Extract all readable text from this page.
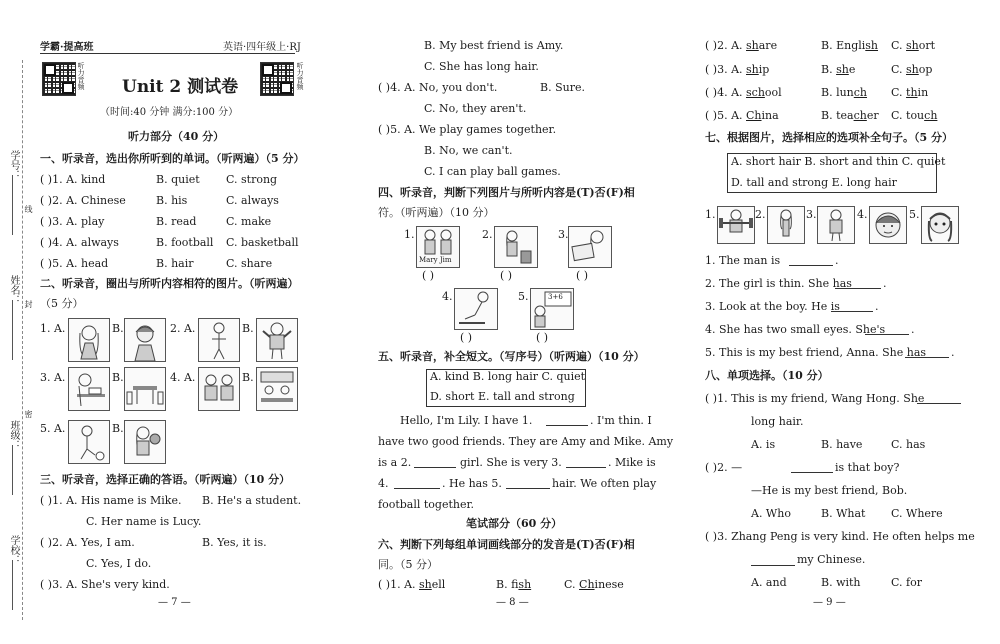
学号：
姓名：
班级：
学校：
线
封
密
学霸·提高班	英语·四年级上·RJ
听力音频	听力音频
Unit 2 测试卷
（时间:40 分钟 满分:100 分）
听力部分（40 分）
一、听录音，选出你所听到的单词。（听两遍）（5 分）
( )1. A. kind	B. quiet C. strong
( )2. A. Chinese	B. his	C. always
( )3. A. play	B. read	C. make
( )4. A. always	B. football C. basketball
( )5. A. head	B. hair	C. share
二、听录音，圈出与所听内容相符的图片。（听两遍）
（5 分）
1. A.	B.	2. A.	B.
3. A.	B.	4. A.	B.
5. A.	B.
三、听录音，选择正确的答语。（听两遍）（10 分）
( )1. A. His name is Mike. B. He's a student.
C. Her name is Lucy.
( )2. A. Yes, I am.	B. Yes, it is.
C. Yes, I do.
( )3. A. She's very kind.
— 7 —
B. My best friend is Amy.
C. She has long hair.
( )4. A. No, you don't.	B. Sure.
C. No, they aren't.
( )5. A. We play games together.
B. No, we can't.
C. I can play ball games.
四、听录音，判断下列图片与所听内容是(T)否(F)相
符。（听两遍）（10 分）
1.
Mary Jim
( )
2.
( )
3.
( )
4.
( )
5.	3+6
( )
五、听录音，补全短文。（写序号）（听两遍）（10 分）
A. kind B. long hair C. quiet
D. short E. tall and strong
Hello, I'm Lily. I have 1.	. I'm thin. I
have two good friends. They are Amy and Mike. Amy
is a 2.	girl. She is very 3.	. Mike is
4.	. He has 5.	hair. We often play
football together.
笔试部分（60 分）
六、判断下列每组单词画线部分的发音是(T)否(F)相
同。（5 分）
( )1. A. shell	B. fish	C. Chinese
— 8 —
( )2. A. share	B. English C. short
( )3. A. ship	B. she	C. shop
( )4. A. school	B. lunch C. thin
( )5. A. China	B. teacher C. touch
七、根据图片，选择相应的选项补全句子。（5 分）
A. short hair B. short and thin C. quiet
D. tall and strong E. long hair
1.	2.	3.	4.	5.
1. The man is	.
2. The girl is thin. She has	.
3. Look at the boy. He is	.
4. She has two small eyes. She's .
5. This is my best friend, Anna. She has .
八、单项选择。（10 分）
( )1. This is my friend, Wang Hong. She
long hair.
A. is	B. have	C. has
( )2. —	is that boy?
—He is my best friend, Bob.
A. Who	B. What C. Where
( )3. Zhang Peng is very kind. He often helps me
my Chinese.
A. and	B. with	C. for
— 9 —
